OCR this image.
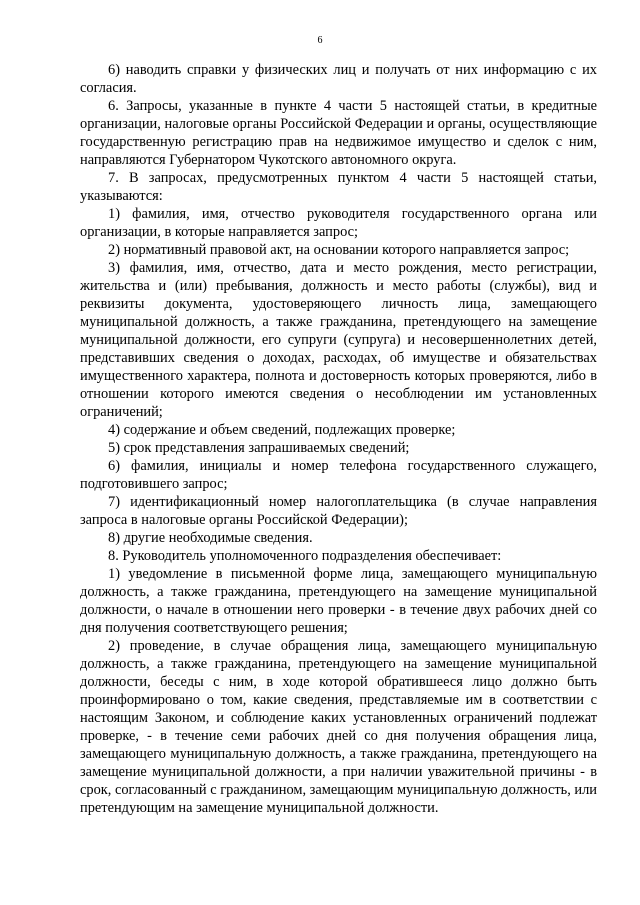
6

6) наводить справки у физических лиц и получать от них информацию с их согласия.

6. Запросы, указанные в пункте 4 части 5 настоящей статьи, в кредитные организации, налоговые органы Российской Федерации и органы, осуществляющие государственную регистрацию прав на недвижимое имущество и сделок с ним, направляются Губернатором Чукотского автономного округа.

7. В запросах, предусмотренных пунктом 4 части 5 настоящей статьи, указываются:

1) фамилия, имя, отчество руководителя государственного органа или организации, в которые направляется запрос;

2) нормативный правовой акт, на основании которого направляется запрос;

3) фамилия, имя, отчество, дата и место рождения, место регистрации, жительства и (или) пребывания, должность и место работы (службы), вид и реквизиты документа, удостоверяющего личность лица, замещающего муниципальной должность, а также гражданина, претендующего на замещение муниципальной должности, его супруги (супруга) и несовершеннолетних детей, представивших сведения о доходах, расходах, об имуществе и обязательствах имущественного характера, полнота и достоверность которых проверяются, либо в отношении которого имеются сведения о несоблюдении им установленных ограничений;

4) содержание и объем сведений, подлежащих проверке;

5) срок представления запрашиваемых сведений;

6) фамилия, инициалы и номер телефона государственного служащего, подготовившего запрос;

7) идентификационный номер налогоплательщика (в случае направления запроса в налоговые органы Российской Федерации);

8) другие необходимые сведения.

8. Руководитель уполномоченного подразделения обеспечивает:

1) уведомление в письменной форме лица, замещающего муниципальную должность, а также гражданина, претендующего на замещение муниципальной должности, о начале в отношении него проверки - в течение двух рабочих дней со дня получения соответствующего решения;

2) проведение, в случае обращения лица, замещающего муниципальную должность, а также гражданина, претендующего на замещение муниципальной должности, беседы с ним, в ходе которой обратившееся лицо должно быть проинформировано о том, какие сведения, представляемые им в соответствии с настоящим Законом, и соблюдение каких установленных ограничений подлежат проверке, - в течение семи рабочих дней со дня получения обращения лица, замещающего муниципальную должность, а также гражданина, претендующего на замещение муниципальной должности, а при наличии уважительной причины - в срок, согласованный с гражданином, замещающим муниципальную должность, или претендующим на замещение муниципальной должности.
